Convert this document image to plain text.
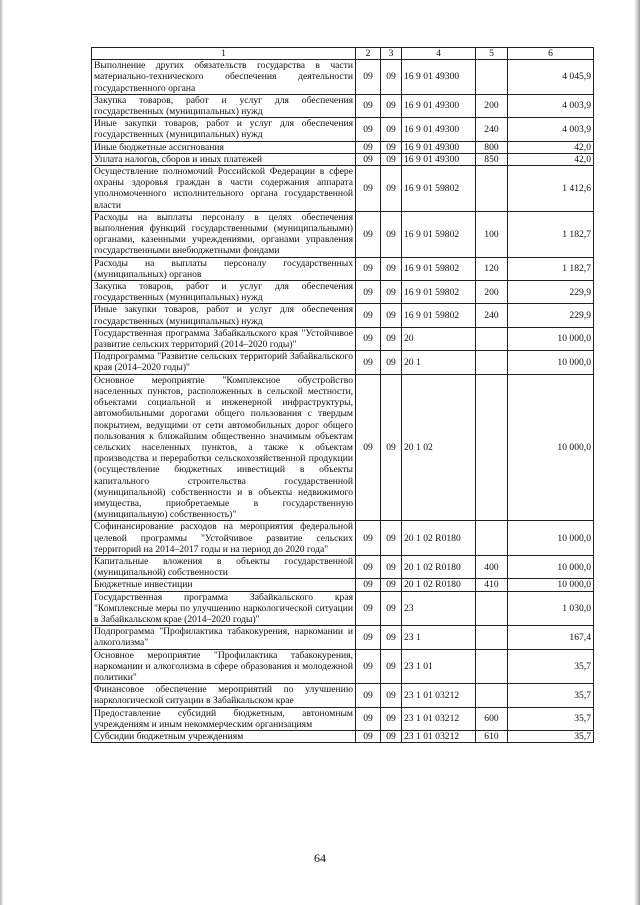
1	2	3	4	5	6
Выполнение других обязательств государства в части материально-технического обеспечения деятельности государственного органа	09	09	16 9 01 49300		4 045,9
Закупка товаров, работ и услуг для обеспечения государственных (муниципальных) нужд	09	09	16 9 01 49300	200	4 003,9
Иные закупки товаров, работ и услуг для обеспечения государственных (муниципальных) нужд	09	09	16 9 01 49300	240	4 003,9
Иные бюджетные ассигнования	09	09	16 9 01 49300	800	42,0
Уплата налогов, сборов и иных платежей	09	09	16 9 01 49300	850	42,0
Осуществление полномочий Российской Федерации в сфере охраны здоровья граждан в части содержания аппарата уполномоченного исполнительного органа государственной власти	09	09	16 9 01 59802		1 412,6
Расходы на выплаты персоналу в целях обеспечения выполнения функций государственными (муниципальными) органами, казенными учреждениями, органами управления государственными внебюджетными фондами	09	09	16 9 01 59802	100	1 182,7
Расходы на выплаты персоналу государственных (муниципальных) органов	09	09	16 9 01 59802	120	1 182,7
Закупка товаров, работ и услуг для обеспечения государственных (муниципальных) нужд	09	09	16 9 01 59802	200	229,9
Иные закупки товаров, работ и услуг для обеспечения государственных (муниципальных) нужд	09	09	16 9 01 59802	240	229,9
Государственная программа Забайкальского края "Устойчивое развитие сельских территорий (2014–2020 годы)"	09	09	20		10 000,0
Подпрограмма "Развитие сельских территорий Забайкальского края (2014–2020 годы)"	09	09	20 1		10 000,0
Основное мероприятие "Комплексное обустройство населенных пунктов, расположенных в сельской местности, объектами социальной и инженерной инфраструктуры, автомобильными дорогами общего пользования с твердым покрытием, ведущими от сети автомобильных дорог общего пользования к ближайшим общественно значимым объектам сельских населенных пунктов, а также к объектам производства и переработки сельскохозяйственной продукции (осуществление бюджетных инвестиций в объекты капитального строительства государственной (муниципальной) собственности и в объекты недвижимого имущества, приобретаемые в государственную (муниципальную) собственность)"	09	09	20 1 02		10 000,0
Софинансирование расходов на мероприятия федеральной целевой программы "Устойчивое развитие сельских территорий на 2014–2017 годы и на период до 2020 года"	09	09	20 1 02 R0180		10 000,0
Капитальные вложения в объекты государственной (муниципальной) собственности	09	09	20 1 02 R0180	400	10 000,0
Бюджетные инвестиции	09	09	20 1 02 R0180	410	10 000,0
Государственная программа Забайкальского края "Комплексные меры по улучшению наркологической ситуации в Забайкальском крае (2014–2020 годы)"	09	09	23		1 030,0
Подпрограмма "Профилактика табакокурения, наркомании и алкоголизма"	09	09	23 1		167,4
Основное мероприятие "Профилактика табакокурения, наркомании и алкоголизма в сфере образования и молодежной политики"	09	09	23 1 01		35,7
Финансовое обеспечение мероприятий по улучшению наркологической ситуации в Забайкальском крае	09	09	23 1 01 03212		35,7
Предоставление субсидий бюджетным, автономным учреждениям и иным некоммерческим организациям	09	09	23 1 01 03212	600	35,7
Субсидии бюджетным учреждениям	09	09	23 1 01 03212	610	35,7
64
